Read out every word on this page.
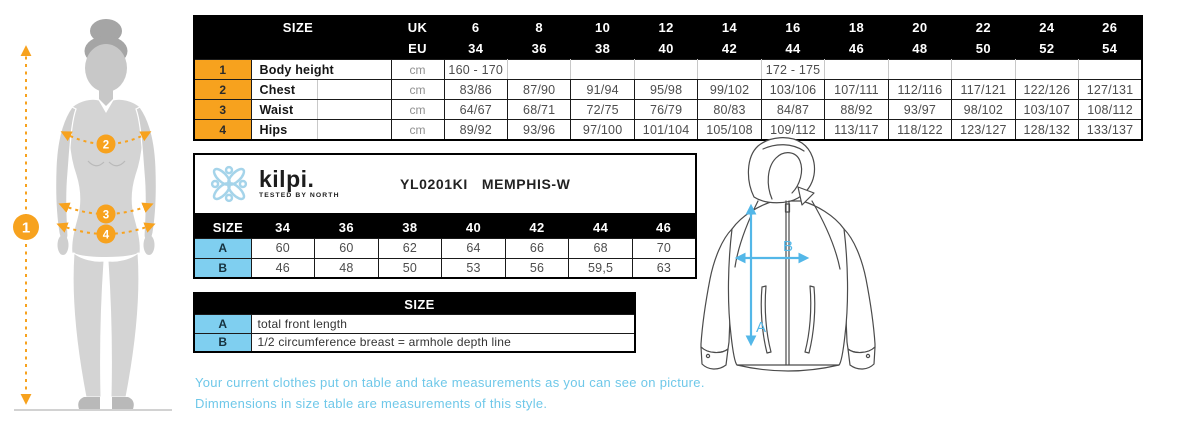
1
2
3
4
SIZE			UK	6	8	10	12	14	16	18	20	22	24	26
			EU	34	36	38	40	42	44	46	48	50	52	54
1	Body height		cm	160 - 170					172 - 175					
2	Chest		cm	83/86	87/90	91/94	95/98	99/102	103/106	107/111	112/116	117/121	122/126	127/131
3	Waist		cm	64/67	68/71	72/75	76/79	80/83	84/87	88/92	93/97	98/102	103/107	108/112
4	Hips		cm	89/92	93/96	97/100	101/104	105/108	109/112	113/117	118/122	123/127	128/132	133/137
kilpi.
TESTED BY NORTH
YL0201KI MEMPHIS-W
SIZE	34	36	38	40	42	44	46
A	60	60	62	64	66	68	70
B	46	48	50	53	56	59,5	63
SIZE	
A	total front length
B	1/2 circumference breast = armhole depth line
A
B
Your current clothes put on table and take measurements as you can see on picture.
Dimmensions in size table are measurements of this style.
